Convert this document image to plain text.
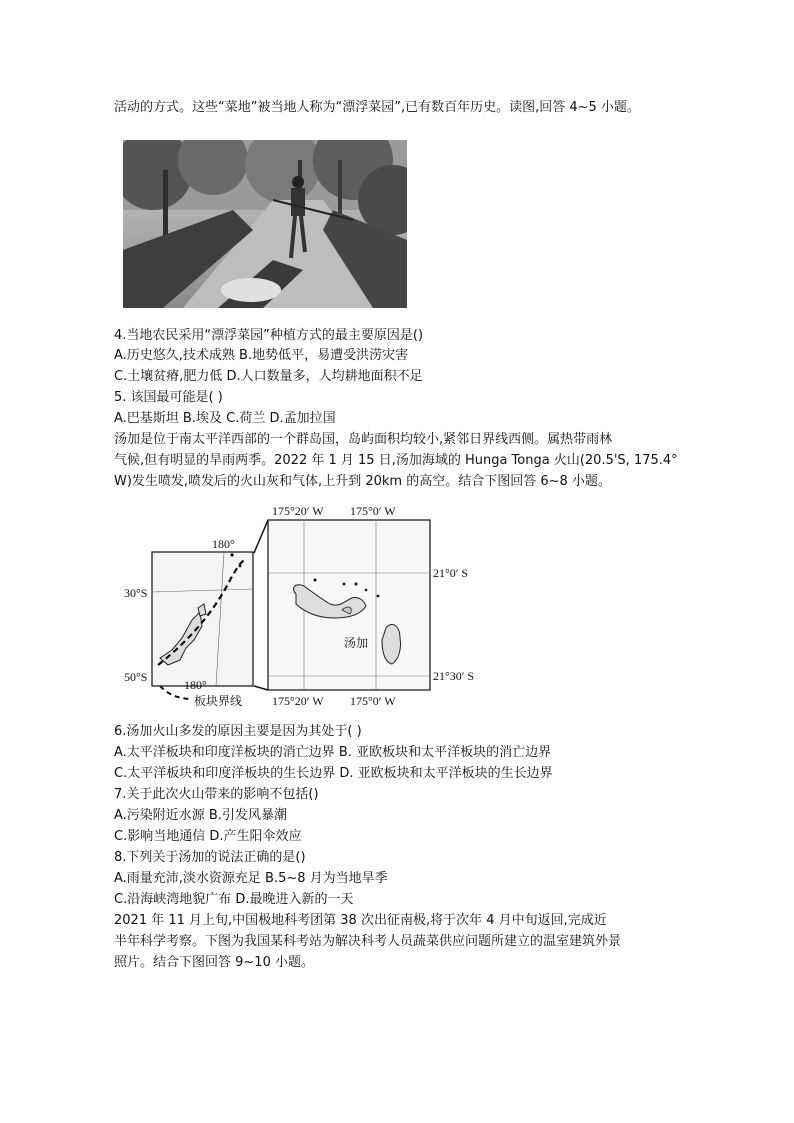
活动的方式。这些“菜地”被当地人称为“漂浮菜园”,已有数百年历史。读图,回答 4~5 小题。
4.当地农民采用“漂浮菜园”种植方式的最主要原因是()
A.历史悠久,技术成熟 B.地势低平，易遭受洪涝灾害
C.土壤贫瘠,肥力低 D.人口数量多，人均耕地面积不足
5. 该国最可能是( )
A.巴基斯坦 B.埃及 C.荷兰 D.孟加拉国
汤加是位于南太平洋西部的一个群岛国，岛屿面积均较小,紧邻日界线西侧。属热带雨林
气候,但有明显的旱雨两季。2022 年 1 月 15 日,汤加海域的 Hunga Tonga 火山(20.5'S, 175.4°
W)发生喷发,喷发后的火山灰和气体,上升到 20km 的高空。结合下图回答 6~8 小题。
180°
180°
30°S
50°S
板块界线
175°20′ W 175°0′ W
175°20′ W 175°0′ W
21°0′ S
21°30′ S
汤加
6.汤加火山多发的原因主要是因为其处于( )
A.太平洋板块和印度洋板块的消亡边界 B. 亚欧板块和太平洋板块的消亡边界
C.太平洋板块和印度洋板块的生长边界 D. 亚欧板块和太平洋板块的生长边界
7.关于此次火山带来的影响不包括()
A.污染附近水源 B.引发风暴潮
C.影响当地通信 D.产生阳伞效应
8.下列关于汤加的说法正确的是()
A.雨量充沛,淡水资源充足 B.5~8 月为当地旱季
C.沿海峡湾地貌广布 D.最晚进入新的一天
2021 年 11 月上旬,中国极地科考团第 38 次出征南极,将于次年 4 月中旬返回,完成近
半年科学考察。下图为我国某科考站为解决科考人员蔬菜供应问题所建立的温室建筑外景
照片。结合下图回答 9~10 小题。
